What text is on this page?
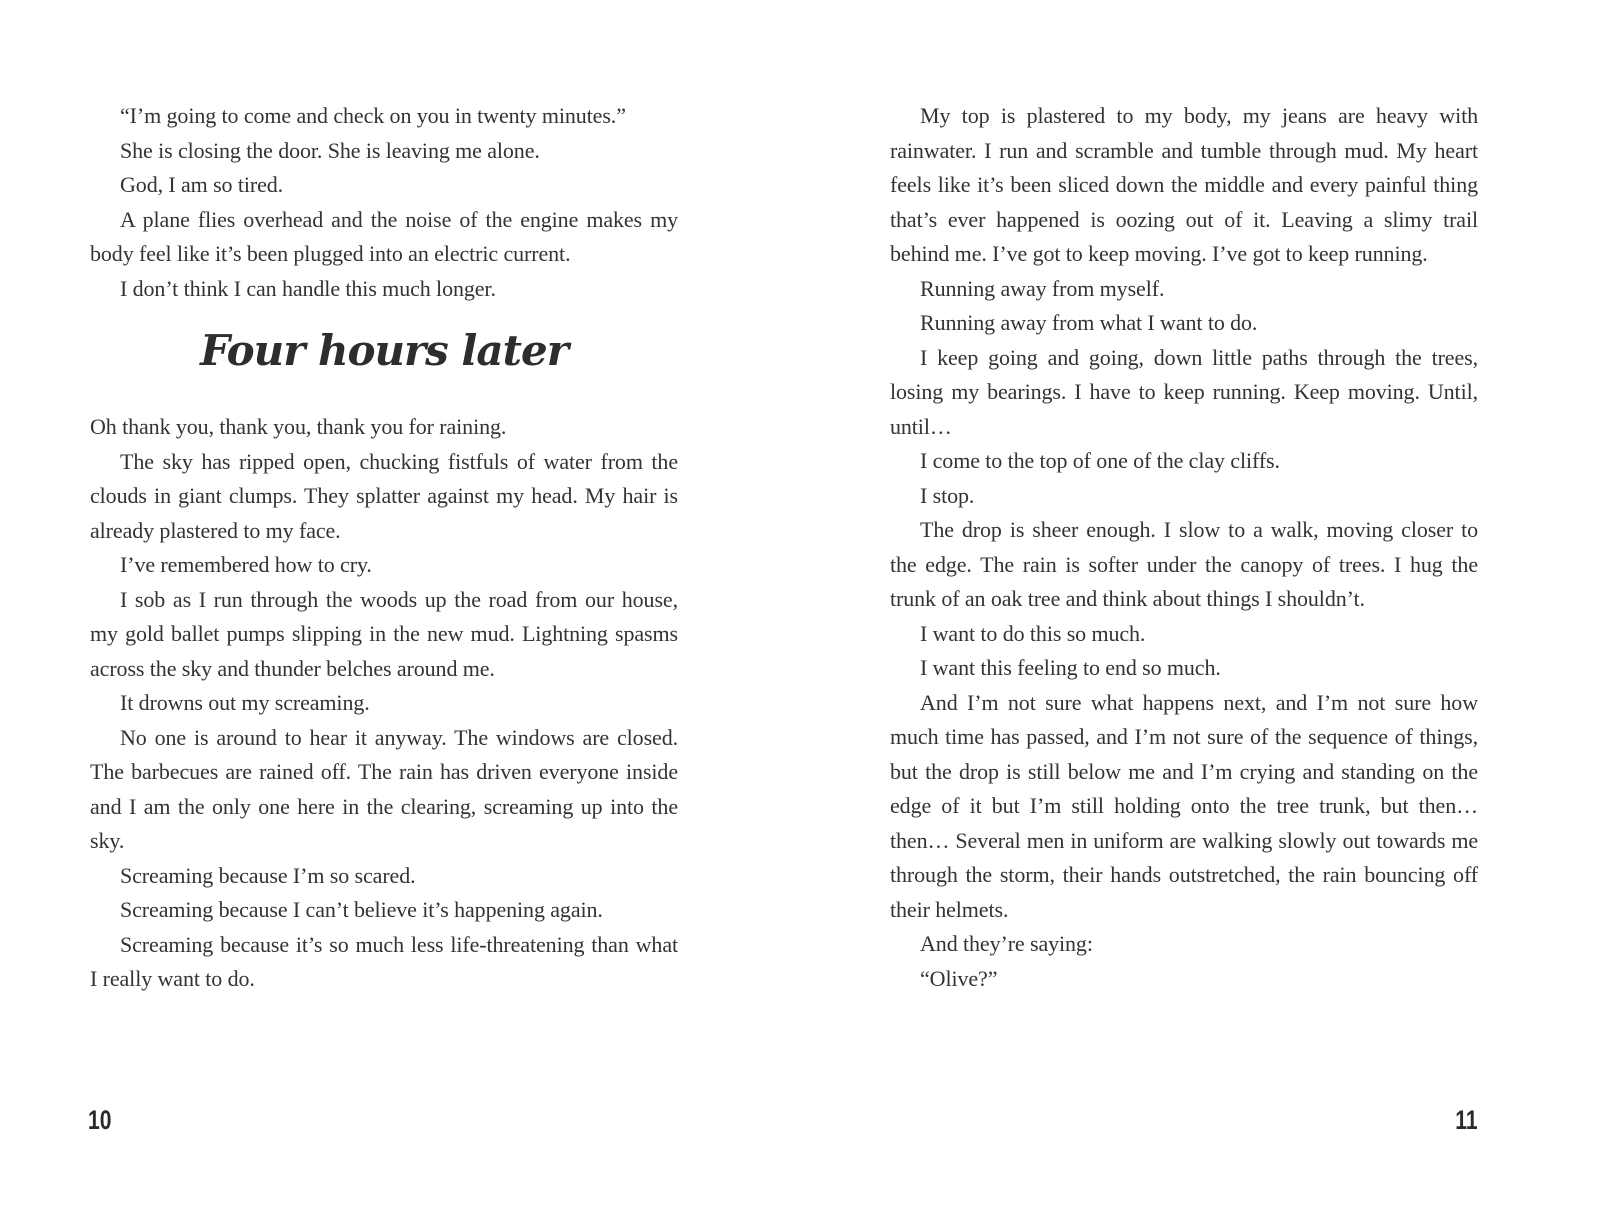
“I’m going to come and check on you in twenty minutes.”

She is closing the door. She is leaving me alone.

God, I am so tired.

A plane flies overhead and the noise of the engine makes my body feel like it’s been plugged into an electric current.

I don’t think I can handle this much longer.

Four hours later

Oh thank you, thank you, thank you for raining.

The sky has ripped open, chucking fistfuls of water from the clouds in giant clumps. They splatter against my head. My hair is already plastered to my face.

I’ve remembered how to cry.

I sob as I run through the woods up the road from our house, my gold ballet pumps slipping in the new mud. Lightning spasms across the sky and thunder belches around me.

It drowns out my screaming.

No one is around to hear it anyway. The windows are closed. The barbecues are rained off. The rain has driven everyone inside and I am the only one here in the clearing, screaming up into the sky.

Screaming because I’m so scared.

Screaming because I can’t believe it’s happening again.

Screaming because it’s so much less life-threatening than what I really want to do.

10

My top is plastered to my body, my jeans are heavy with rainwater. I run and scramble and tumble through mud. My heart feels like it’s been sliced down the middle and every painful thing that’s ever happened is oozing out of it. Leaving a slimy trail behind me. I’ve got to keep moving. I’ve got to keep running.

Running away from myself.

Running away from what I want to do.

I keep going and going, down little paths through the trees, losing my bearings. I have to keep running. Keep moving. Until, until…

I come to the top of one of the clay cliffs.

I stop.

The drop is sheer enough. I slow to a walk, moving closer to the edge. The rain is softer under the canopy of trees. I hug the trunk of an oak tree and think about things I shouldn’t.

I want to do this so much.

I want this feeling to end so much.

And I’m not sure what happens next, and I’m not sure how much time has passed, and I’m not sure of the sequence of things, but the drop is still below me and I’m crying and standing on the edge of it but I’m still holding onto the tree trunk, but then…then… Several men in uniform are walking slowly out towards me through the storm, their hands outstretched, the rain bouncing off their helmets.

And they’re saying:

“Olive?”

11
